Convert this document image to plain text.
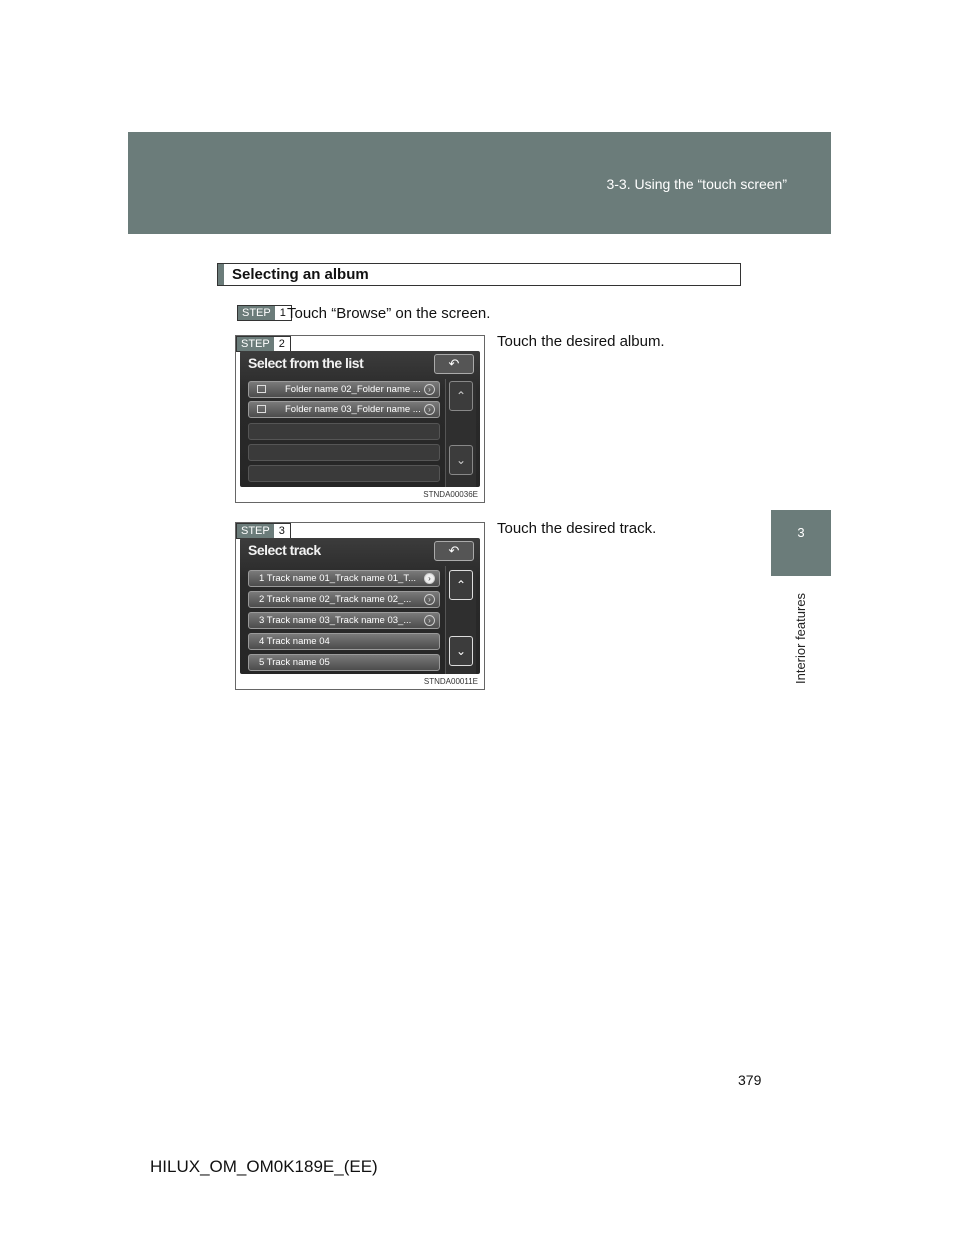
3-3. Using the “touch screen”
3
Interior features
Selecting an album
STEP 1 Touch “Browse” on the screen.
STEP 2
Select from the list	↶
Folder name 02_Folder name ... ›
Folder name 03_Folder name ... ›
⌃
⌄
STNDA00036E
Touch the desired album.
STEP 3
Select track	↶
1 Track name 01_Track name 01_T...	›
2 Track name 02_Track name 02_...	›
3 Track name 03_Track name 03_...	›
4 Track name 04
5 Track name 05
⌃
⌄
STNDA00011E
Touch the desired track.
379
HILUX_OM_OM0K189E_(EE)
